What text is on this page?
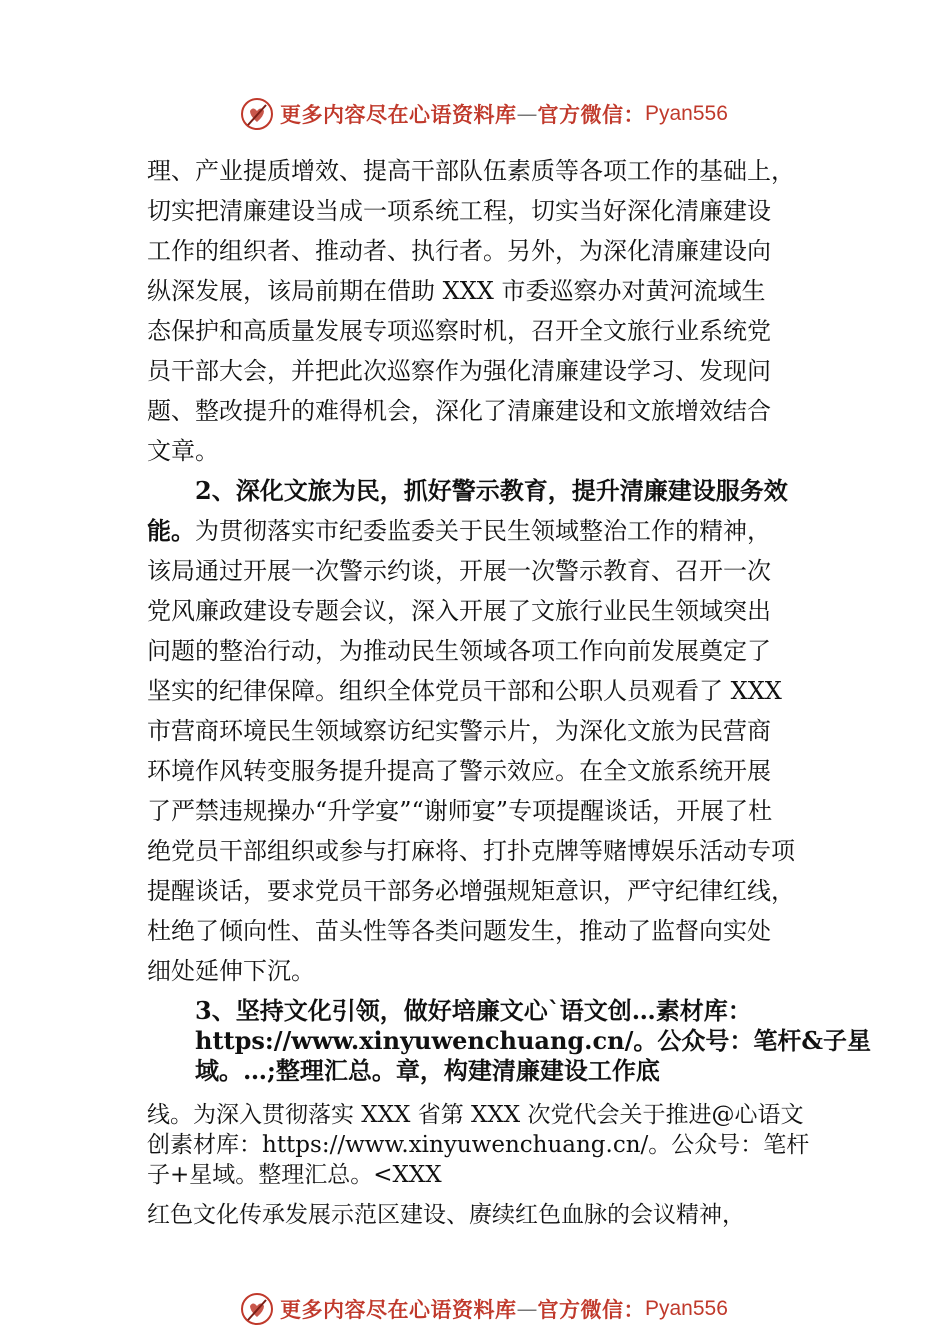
更多内容尽在心语资料库 — 官方微信： Pyan556
理、产业提质增效、提高干部队伍素质等各项工作的基础上，
切实把清廉建设当成一项系统工程，切实当好深化清廉建设
工作的组织者、推动者、执行者。另外，为深化清廉建设向
纵深发展，该局前期在借助 XXX 市委巡察办对黄河流域生
态保护和高质量发展专项巡察时机，召开全文旅行业系统党
员干部大会，并把此次巡察作为强化清廉建设学习、发现问
题、整改提升的难得机会，深化了清廉建设和文旅增效结合
文章。
2、深化文旅为民，抓好警示教育，提升清廉建设服务效
能。为贯彻落实市纪委监委关于民生领域整治工作的精神，
该局通过开展一次警示约谈，开展一次警示教育、召开一次
党风廉政建设专题会议，深入开展了文旅行业民生领域突出
问题的整治行动，为推动民生领域各项工作向前发展奠定了
坚实的纪律保障。组织全体党员干部和公职人员观看了 XXX
市营商环境民生领域察访纪实警示片，为深化文旅为民营商
环境作风转变服务提升提高了警示效应。在全文旅系统开展
了严禁违规操办“升学宴”“谢师宴”专项提醒谈话，开展了杜
绝党员干部组织或参与打麻将、打扑克牌等赌博娱乐活动专项
提醒谈话，要求党员干部务必增强规矩意识，严守纪律红线，
杜绝了倾向性、苗头性等各类问题发生，推动了监督向实处
细处延伸下沉。
3、坚持文化引领，做好培廉文心`语文创…素材库：
https://www.xinyuwenchuang.cn/。公众号：笔杆&子星
域。…;整理汇总。章，构建清廉建设工作底
线。为深入贯彻落实 XXX 省第 XXX 次党代会关于推进@心语文
创素材库：https://www.xinyuwenchuang.cn/。公众号：笔杆
子+星域。整理汇总。<XXX
红色文化传承发展示范区建设、赓续红色血脉的会议精神，
更多内容尽在心语资料库 — 官方微信： Pyan556
